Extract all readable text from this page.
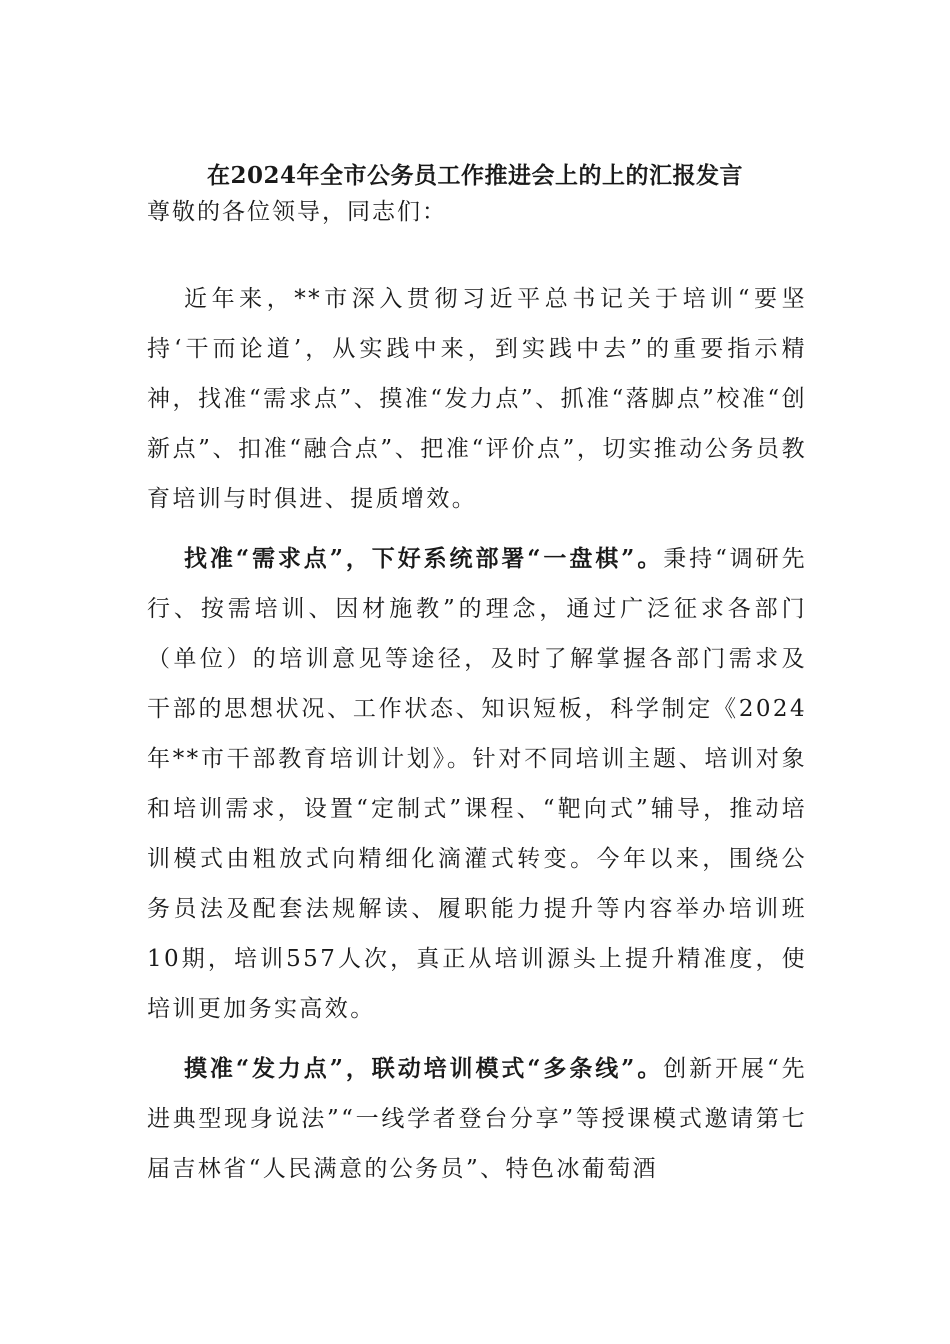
在2024年全市公务员工作推进会上的上的汇报发言
尊敬的各位领导，同志们：

近年来，**市深入贯彻习近平总书记关于培训“要坚持‘干而论道’，从实践中来，到实践中去”的重要指示精神，找准“需求点”、摸准“发力点”、抓准“落脚点”校准“创新点”、扣准“融合点”、把准“评价点”，切实推动公务员教育培训与时俱进、提质增效。

找准“需求点”，下好系统部署“一盘棋”。秉持“调研先行、按需培训、因材施教”的理念，通过广泛征求各部门（单位）的培训意见等途径，及时了解掌握各部门需求及干部的思想状况、工作状态、知识短板，科学制定《2024年**市干部教育培训计划》。针对不同培训主题、培训对象和培训需求，设置“定制式”课程、“靶向式”辅导，推动培训模式由粗放式向精细化滴灌式转变。今年以来，围绕公务员法及配套法规解读、履职能力提升等内容举办培训班10期，培训557人次，真正从培训源头上提升精准度，使培训更加务实高效。

摸准“发力点”，联动培训模式“多条线”。创新开展“先进典型现身说法”“一线学者登台分享”等授课模式邀请第七届吉林省“人民满意的公务员”、特色冰葡萄酒
